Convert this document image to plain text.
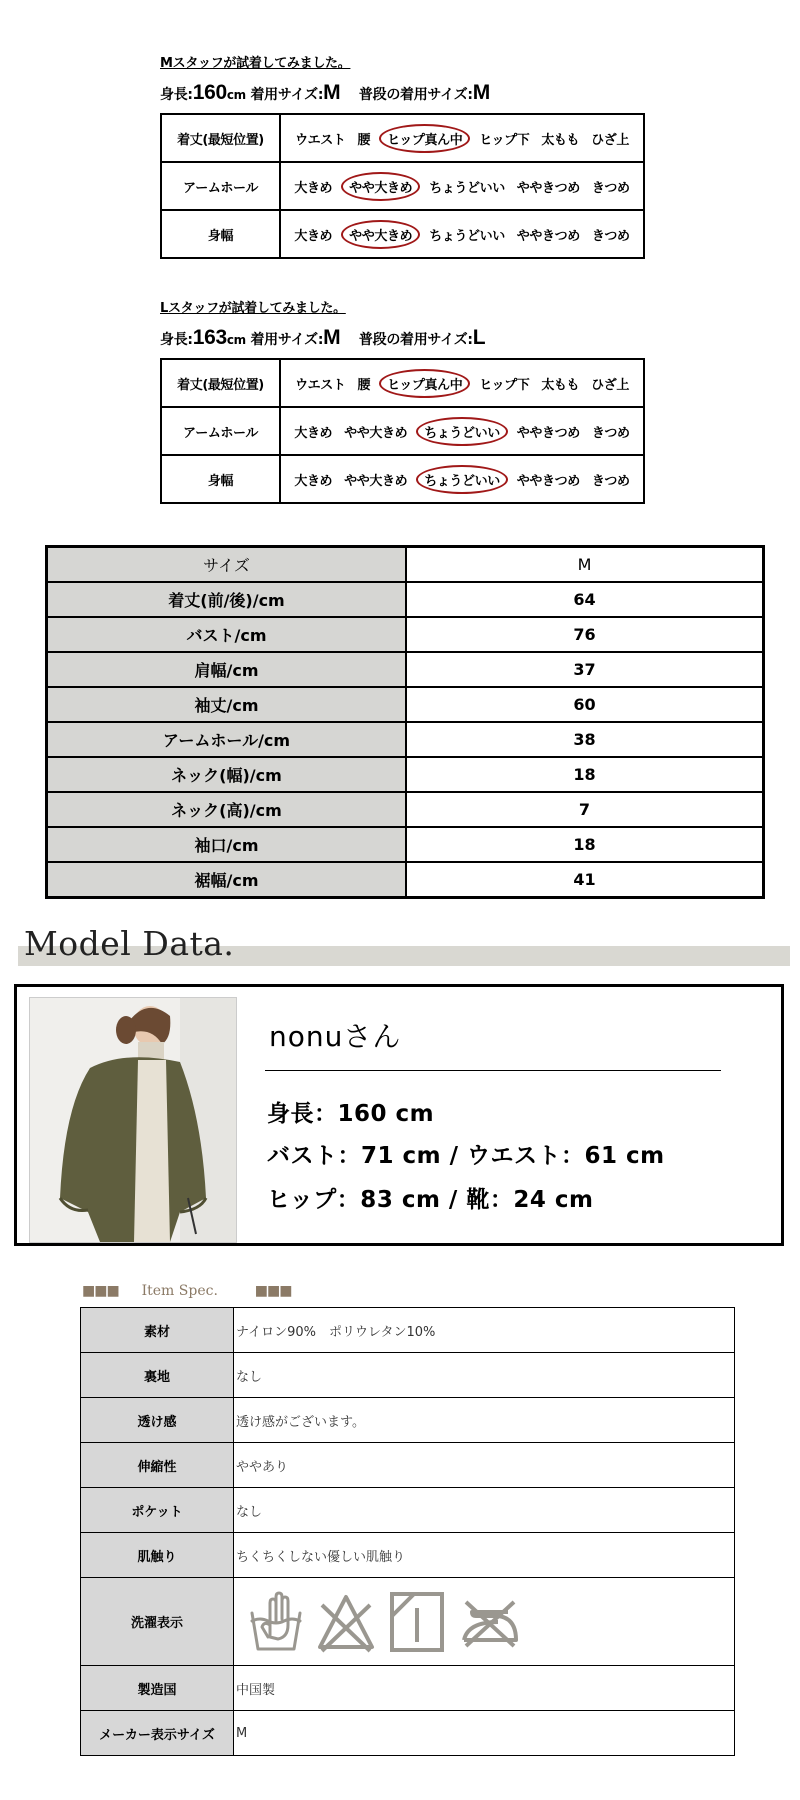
Mスタッフが試着してみました。
身長:160cm 着用サイズ:M 普段の着用サイズ:M
着丈(最短位置)	ウエスト 腰 ヒップ真ん中 ヒップ下 太もも ひざ上
アームホール	大きめ やや大きめ ちょうどいい ややきつめ きつめ
身幅	大きめ やや大きめ ちょうどいい ややきつめ きつめ
Lスタッフが試着してみました。
身長:163cm 着用サイズ:M 普段の着用サイズ:L
着丈(最短位置)	ウエスト 腰 ヒップ真ん中 ヒップ下 太もも ひざ上
アームホール	大きめ やや大きめ ちょうどいい ややきつめ きつめ
身幅	大きめ やや大きめ ちょうどいい ややきつめ きつめ
サイズ	M
着丈(前/後)/cm	64
バスト/cm	76
肩幅/cm	37
袖丈/cm	60
アームホール/cm	38
ネック(幅)/cm	18
ネック(高)/cm	7
袖口/cm	18
裾幅/cm	41
Model Data.
nonuさん
身長：160 cm
バスト：71 cm / ウエスト：61 cm
ヒップ：83 cm / 靴：24 cm
■■■ Item Spec.	■■■
素材	ナイロン90%　ポリウレタン10%
裏地	なし
透け感	透け感がございます。
伸縮性	ややあり
ポケット	なし
肌触り	ちくちくしない優しい肌触り
洗濯表示	

製造国	中国製
メーカー表示サイズ	M
